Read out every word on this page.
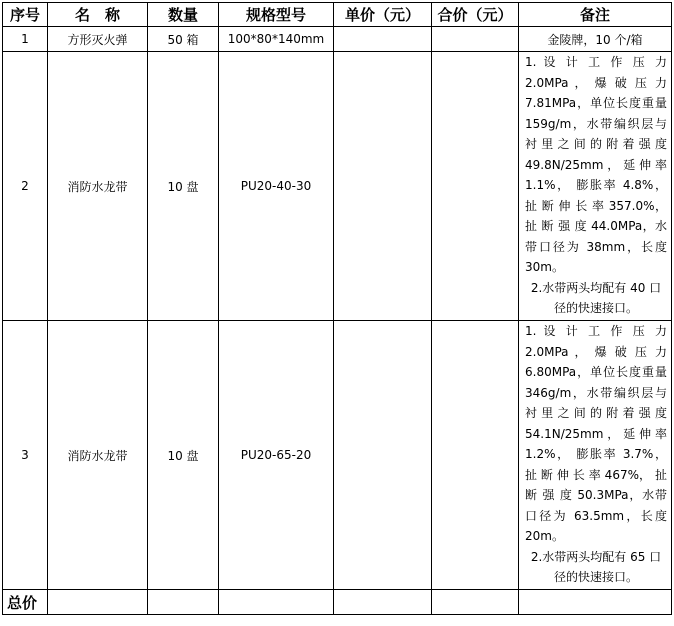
序号	名　称	数量	规格型号	单价（元）	合价（元）	备注
1	方形灭火弹	50 箱	100*80*140mm			金陵牌，10 个/箱
2	消防水龙带	10 盘	PU20-40-30			1. 设 计 工 作 压 力 2.0MPa ， 爆 破 压 力 7.81MPa，单位长度重量 159g/m，水带编织层与衬里之间的附着强度 49.8N/25mm，延伸率 1.1%， 膨胀率 4.8%， 扯 断 伸 长 率 357.0%， 扯 断 强 度 44.0MPa，水带口径为 38mm，长度 30m。
2.水带两头均配有 40 口径的快速接口。

3	消防水龙带	10 盘	PU20-65-20			1. 设 计 工 作 压 力 2.0MPa ， 爆 破 压 力 6.80MPa，单位长度重量 346g/m，水带编织层与衬里之间的附着强度 54.1N/25mm，延伸率 1.2%， 膨胀率 3.7%， 扯 断 伸 长 率 467%， 扯 断 强 度 50.3MPa，水带口径为 63.5mm，长度 20m。
2.水带两头均配有 65 口径的快速接口。

总价						
